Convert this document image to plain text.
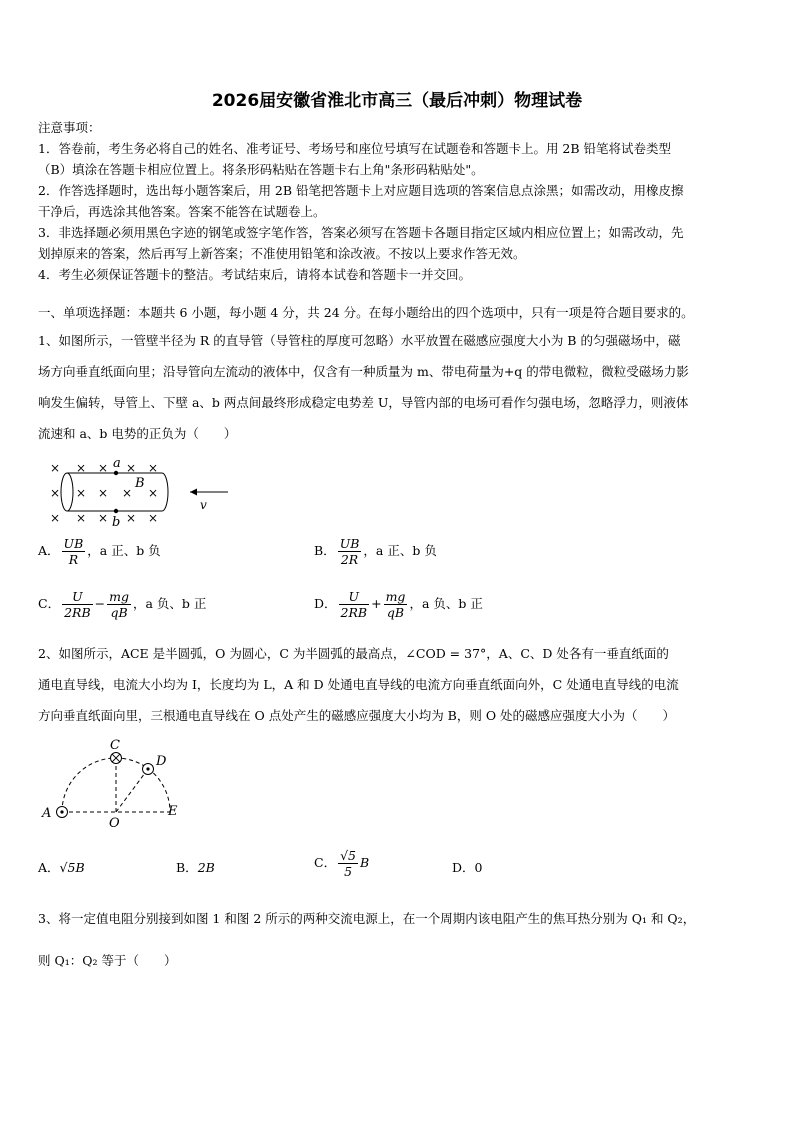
2026届安徽省淮北市高三（最后冲刺）物理试卷
注意事项：
1．答卷前，考生务必将自己的姓名、准考证号、考场号和座位号填写在试题卷和答题卡上。用 2B 铅笔将试卷类型
（B）填涂在答题卡相应位置上。将条形码粘贴在答题卡右上角"条形码粘贴处"。
2．作答选择题时，选出每小题答案后，用 2B 铅笔把答题卡上对应题目选项的答案信息点涂黑；如需改动，用橡皮擦
干净后，再选涂其他答案。答案不能答在试题卷上。
3．非选择题必须用黑色字迹的钢笔或签字笔作答，答案必须写在答题卡各题目指定区域内相应位置上；如需改动，先
划掉原来的答案，然后再写上新答案；不准使用铅笔和涂改液。不按以上要求作答无效。
4．考生必须保证答题卡的整洁。考试结束后，请将本试卷和答题卡一并交回。
一、单项选择题：本题共 6 小题，每小题 4 分，共 24 分。在每小题给出的四个选项中，只有一项是符合题目要求的。
1、如图所示，一管壁半径为 R 的直导管（导管柱的厚度可忽略）水平放置在磁感应强度大小为 B 的匀强磁场中，磁
场方向垂直纸面向里；沿导管向左流动的液体中，仅含有一种质量为 m、带电荷量为+q 的带电微粒，微粒受磁场力影
响发生偏转，导管上、下壁 a、b 两点间最终形成稳定电势差 U，导管内部的电场可看作匀强电场，忽略浮力，则液体
流速和 a、b 电势的正负为（　　）
× × × × ×
× × × × ×
× × × × ×
a
b
B
v
A． $\frac{UB}{R}$ ，a 正、b 负	B． $\frac{UB}{2R}$ ，a 正、b 负
C． $\frac{U}{2RB} - \frac{mg}{qB}$ ，a 负、b 正	D． $\frac{U}{2RB} + \frac{mg}{qB}$ ，a 负、b 正
2、如图所示，ACE 是半圆弧，O 为圆心，C 为半圆弧的最高点，∠COD = 37°，A、C、D 处各有一垂直纸面的
通电直导线，电流大小均为 I，长度均为 L，A 和 D 处通电直导线的电流方向垂直纸面向外，C 处通电直导线的电流
方向垂直纸面向里，三根通电直导线在 O 点处产生的磁感应强度大小均为 B，则 O 处的磁感应强度大小为（　　）
A
C
D
E
O
A．√5B	B．2B	C． $\frac{√5}{5}$ B	D．0
3、将一定值电阻分别接到如图 1 和图 2 所示的两种交流电源上，在一个周期内该电阻产生的焦耳热分别为 Q₁ 和 Q₂，
则 Q₁：Q₂ 等于（　　）
